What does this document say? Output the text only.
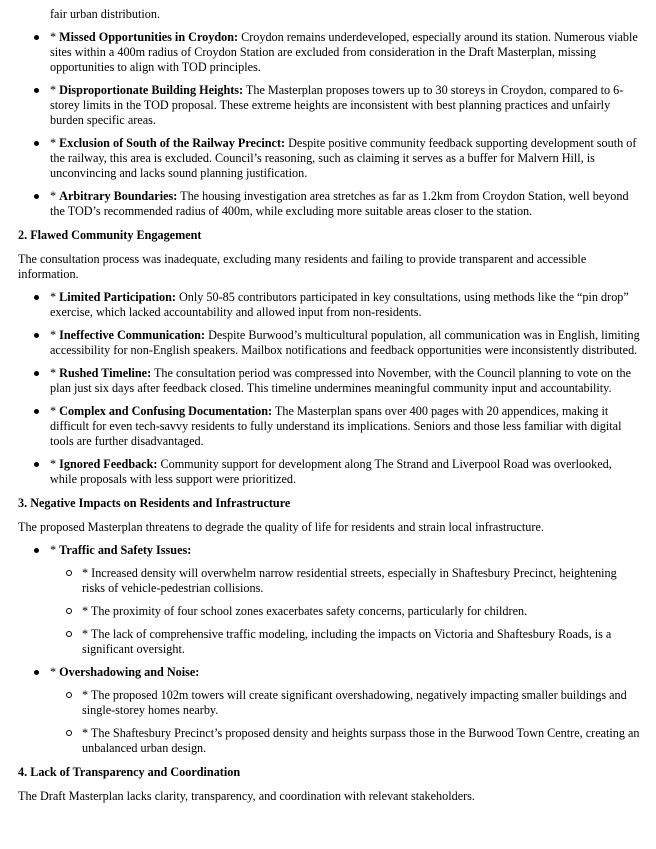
fair urban distribution.
* Missed Opportunities in Croydon: Croydon remains underdeveloped, especially around its station. Numerous viable sites within a 400m radius of Croydon Station are excluded from consideration in the Draft Masterplan, missing opportunities to align with TOD principles.
* Disproportionate Building Heights: The Masterplan proposes towers up to 30 storeys in Croydon, compared to 6-storey limits in the TOD proposal. These extreme heights are inconsistent with best planning practices and unfairly burden specific areas.
* Exclusion of South of the Railway Precinct: Despite positive community feedback supporting development south of the railway, this area is excluded. Council’s reasoning, such as claiming it serves as a buffer for Malvern Hill, is unconvincing and lacks sound planning justification.
* Arbitrary Boundaries: The housing investigation area stretches as far as 1.2km from Croydon Station, well beyond the TOD’s recommended radius of 400m, while excluding more suitable areas closer to the station.
2. Flawed Community Engagement

The consultation process was inadequate, excluding many residents and failing to provide transparent and accessible information.

* Limited Participation: Only 50-85 contributors participated in key consultations, using methods like the “pin drop” exercise, which lacked accountability and allowed input from non-residents.
* Ineffective Communication: Despite Burwood’s multicultural population, all communication was in English, limiting accessibility for non-English speakers. Mailbox notifications and feedback opportunities were inconsistently distributed.
* Rushed Timeline: The consultation period was compressed into November, with the Council planning to vote on the plan just six days after feedback closed. This timeline undermines meaningful community input and accountability.
* Complex and Confusing Documentation: The Masterplan spans over 400 pages with 20 appendices, making it difficult for even tech-savvy residents to fully understand its implications. Seniors and those less familiar with digital tools are further disadvantaged.
* Ignored Feedback: Community support for development along The Strand and Liverpool Road was overlooked, while proposals with less support were prioritized.
3. Negative Impacts on Residents and Infrastructure

The proposed Masterplan threatens to degrade the quality of life for residents and strain local infrastructure.

* Traffic and Safety Issues:
* Increased density will overwhelm narrow residential streets, especially in Shaftesbury Precinct, heightening risks of vehicle-pedestrian collisions.
* The proximity of four school zones exacerbates safety concerns, particularly for children.
* The lack of comprehensive traffic modeling, including the impacts on Victoria and Shaftesbury Roads, is a significant oversight.
* Overshadowing and Noise:
* The proposed 102m towers will create significant overshadowing, negatively impacting smaller buildings and single-storey homes nearby.
* The Shaftesbury Precinct’s proposed density and heights surpass those in the Burwood Town Centre, creating an unbalanced urban design.
4. Lack of Transparency and Coordination

The Draft Masterplan lacks clarity, transparency, and coordination with relevant stakeholders.
